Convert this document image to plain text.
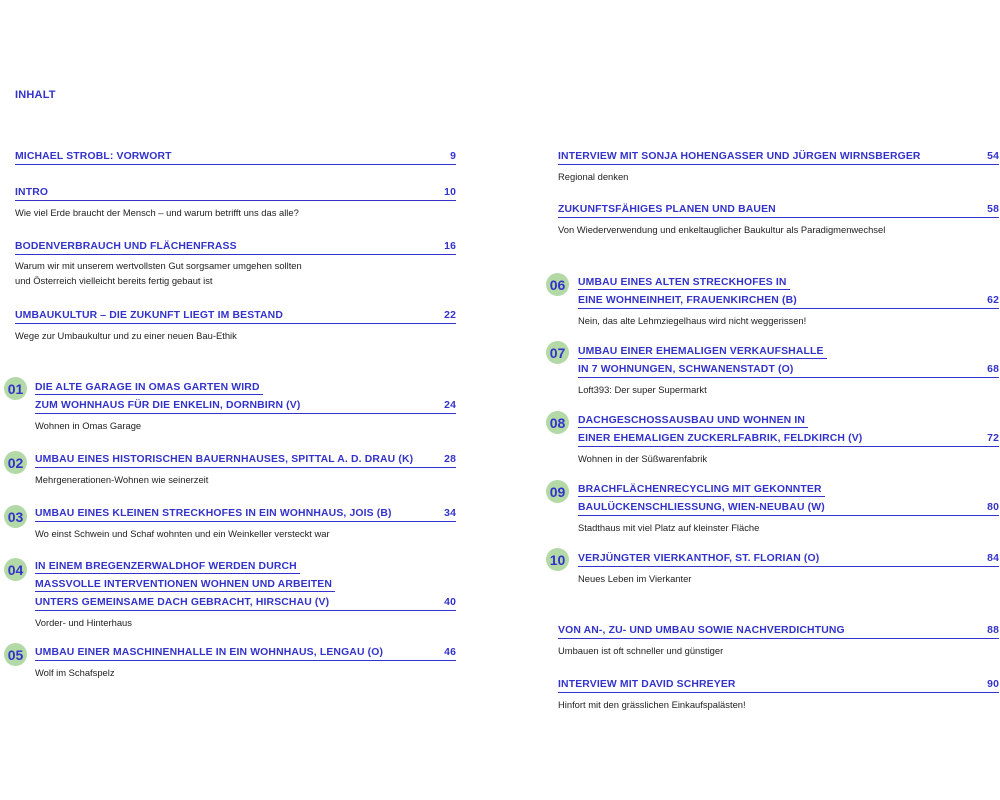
INHALT
MICHAEL STROBL: VORWORT	9
INTRO	10
Wie viel Erde braucht der Mensch – und warum betrifft uns das alle?
BODENVERBRAUCH UND FLÄCHENFRASS	16
Warum wir mit unserem wertvollsten Gut sorgsamer umgehen sollten
und Österreich vielleicht bereits fertig gebaut ist
UMBAUKULTUR – DIE ZUKUNFT LIEGT IM BESTAND	22
Wege zur Umbaukultur und zu einer neuen Bau-Ethik
01	DIE ALTE GARAGE IN OMAS GARTEN WIRD
ZUM WOHNHAUS FÜR DIE ENKELIN, DORNBIRN (V)	24
Wohnen in Omas Garage
02	UMBAU EINES HISTORISCHEN BAUERNHAUSES, SPITTAL A. D. DRAU (K)	28
Mehrgenerationen-Wohnen wie seinerzeit
03	UMBAU EINES KLEINEN STRECKHOFES IN EIN WOHNHAUS, JOIS (B)	34
Wo einst Schwein und Schaf wohnten und ein Weinkeller versteckt war
04	IN EINEM BREGENZERWALDHOF WERDEN DURCH
MASSVOLLE INTERVENTIONEN WOHNEN UND ARBEITEN
UNTERS GEMEINSAME DACH GEBRACHT, HIRSCHAU (V)	40
Vorder- und Hinterhaus
05	UMBAU EINER MASCHINENHALLE IN EIN WOHNHAUS, LENGAU (O)	46
Wolf im Schafspelz
INTERVIEW MIT SONJA HOHENGASSER UND JÜRGEN WIRNSBERGER	54
Regional denken
ZUKUNFTSFÄHIGES PLANEN UND BAUEN	58
Von Wiederverwendung und enkeltauglicher Baukultur als Paradigmenwechsel
06	UMBAU EINES ALTEN STRECKHOFES IN
EINE WOHNEINHEIT, FRAUENKIRCHEN (B)	62
Nein, das alte Lehmziegelhaus wird nicht weggerissen!
07	UMBAU EINER EHEMALIGEN VERKAUFSHALLE
IN 7 WOHNUNGEN, SCHWANENSTADT (O)	68
Loft393: Der super Supermarkt
08	DACHGESCHOSSAUSBAU UND WOHNEN IN
EINER EHEMALIGEN ZUCKERLFABRIK, FELDKIRCH (V)	72
Wohnen in der Süßwarenfabrik
09	BRACHFLÄCHENRECYCLING MIT GEKONNTER
BAULÜCKENSCHLIESSUNG, WIEN-NEUBAU (W)	80
Stadthaus mit viel Platz auf kleinster Fläche
10	VERJÜNGTER VIERKANTHOF, ST. FLORIAN (O)	84
Neues Leben im Vierkanter
VON AN-, ZU- UND UMBAU SOWIE NACHVERDICHTUNG	88
Umbauen ist oft schneller und günstiger
INTERVIEW MIT DAVID SCHREYER	90
Hinfort mit den grässlichen Einkaufspalästen!
